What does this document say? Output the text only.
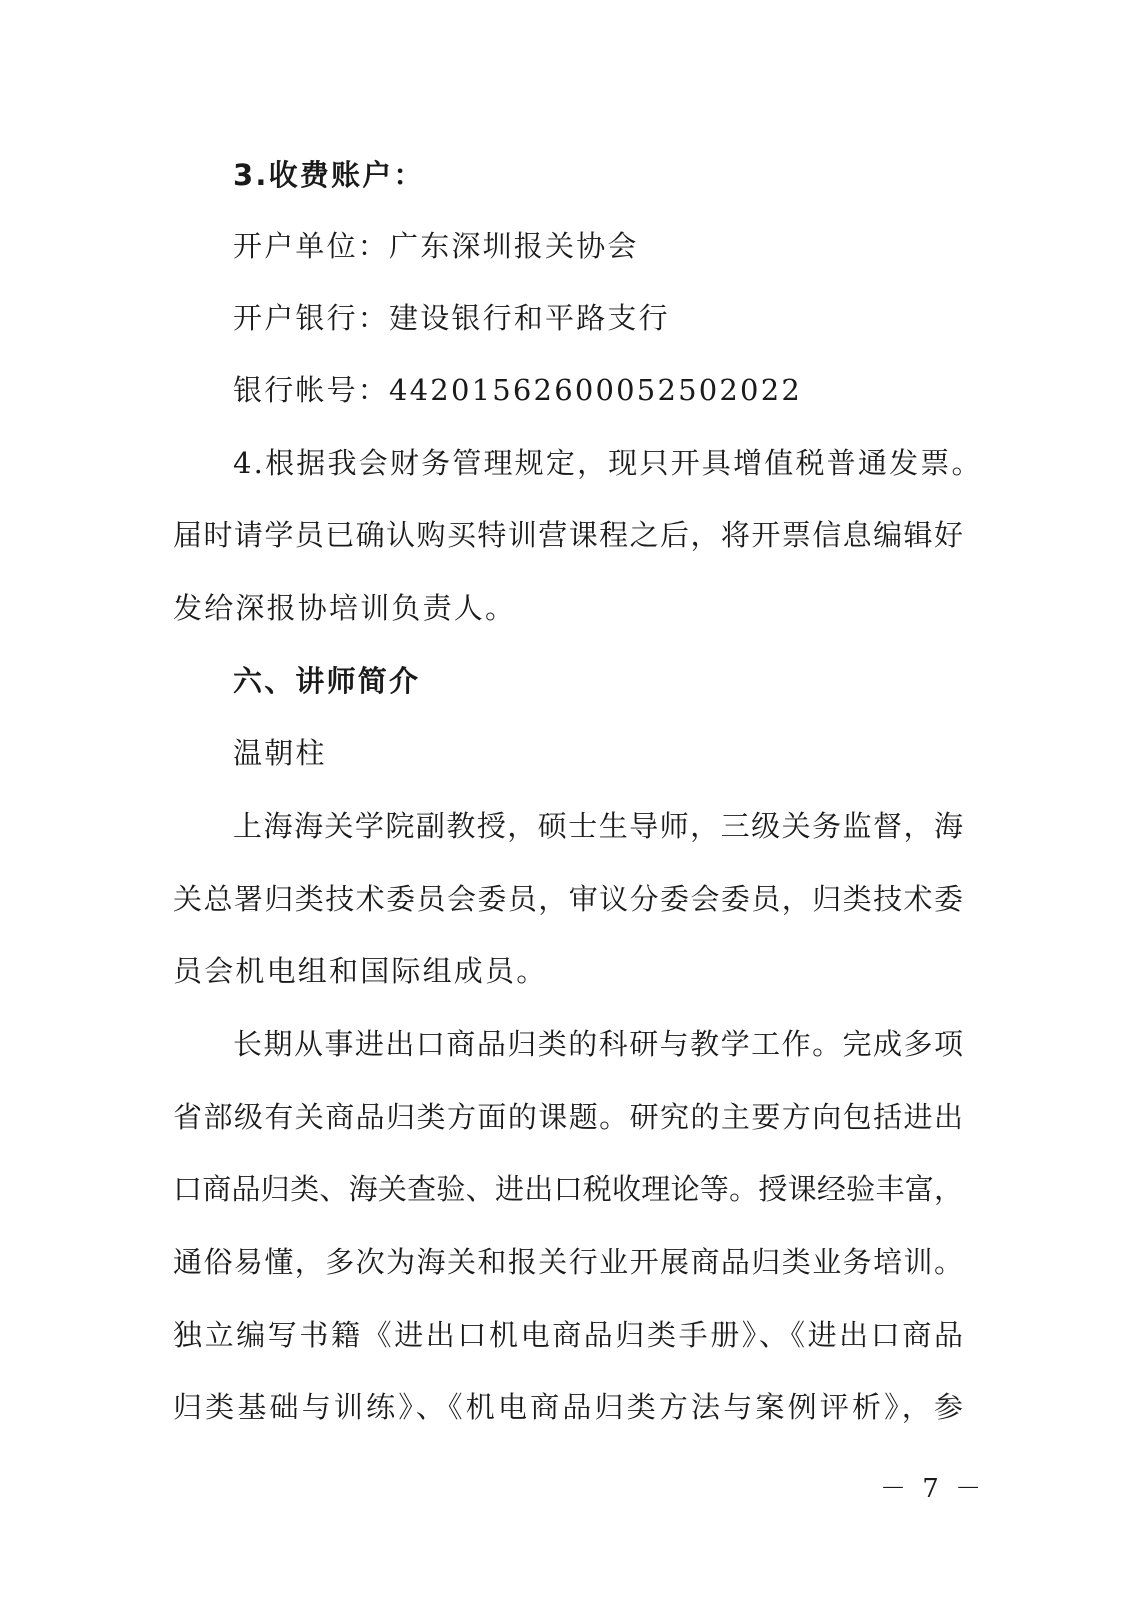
3.收费账户：
开户单位：广东深圳报关协会
开户银行：建设银行和平路支行
银行帐号：44201562600052502022
4.根据我会财务管理规定，现只开具增值税普通发票。
届时请学员已确认购买特训营课程之后，将开票信息编辑好
发给深报协培训负责人。
六、讲师简介
温朝柱
上海海关学院副教授，硕士生导师，三级关务监督，海
关总署归类技术委员会委员，审议分委会委员，归类技术委
员会机电组和国际组成员。
长期从事进出口商品归类的科研与教学工作。完成多项
省部级有关商品归类方面的课题。研究的主要方向包括进出
口商品归类、海关查验、进出口税收理论等。授课经验丰富，
通俗易懂，多次为海关和报关行业开展商品归类业务培训。
独立编写书籍《进出口机电商品归类手册》、《进出口商品
归类基础与训练》、《机电商品归类方法与案例评析》，参
－ 7 －
